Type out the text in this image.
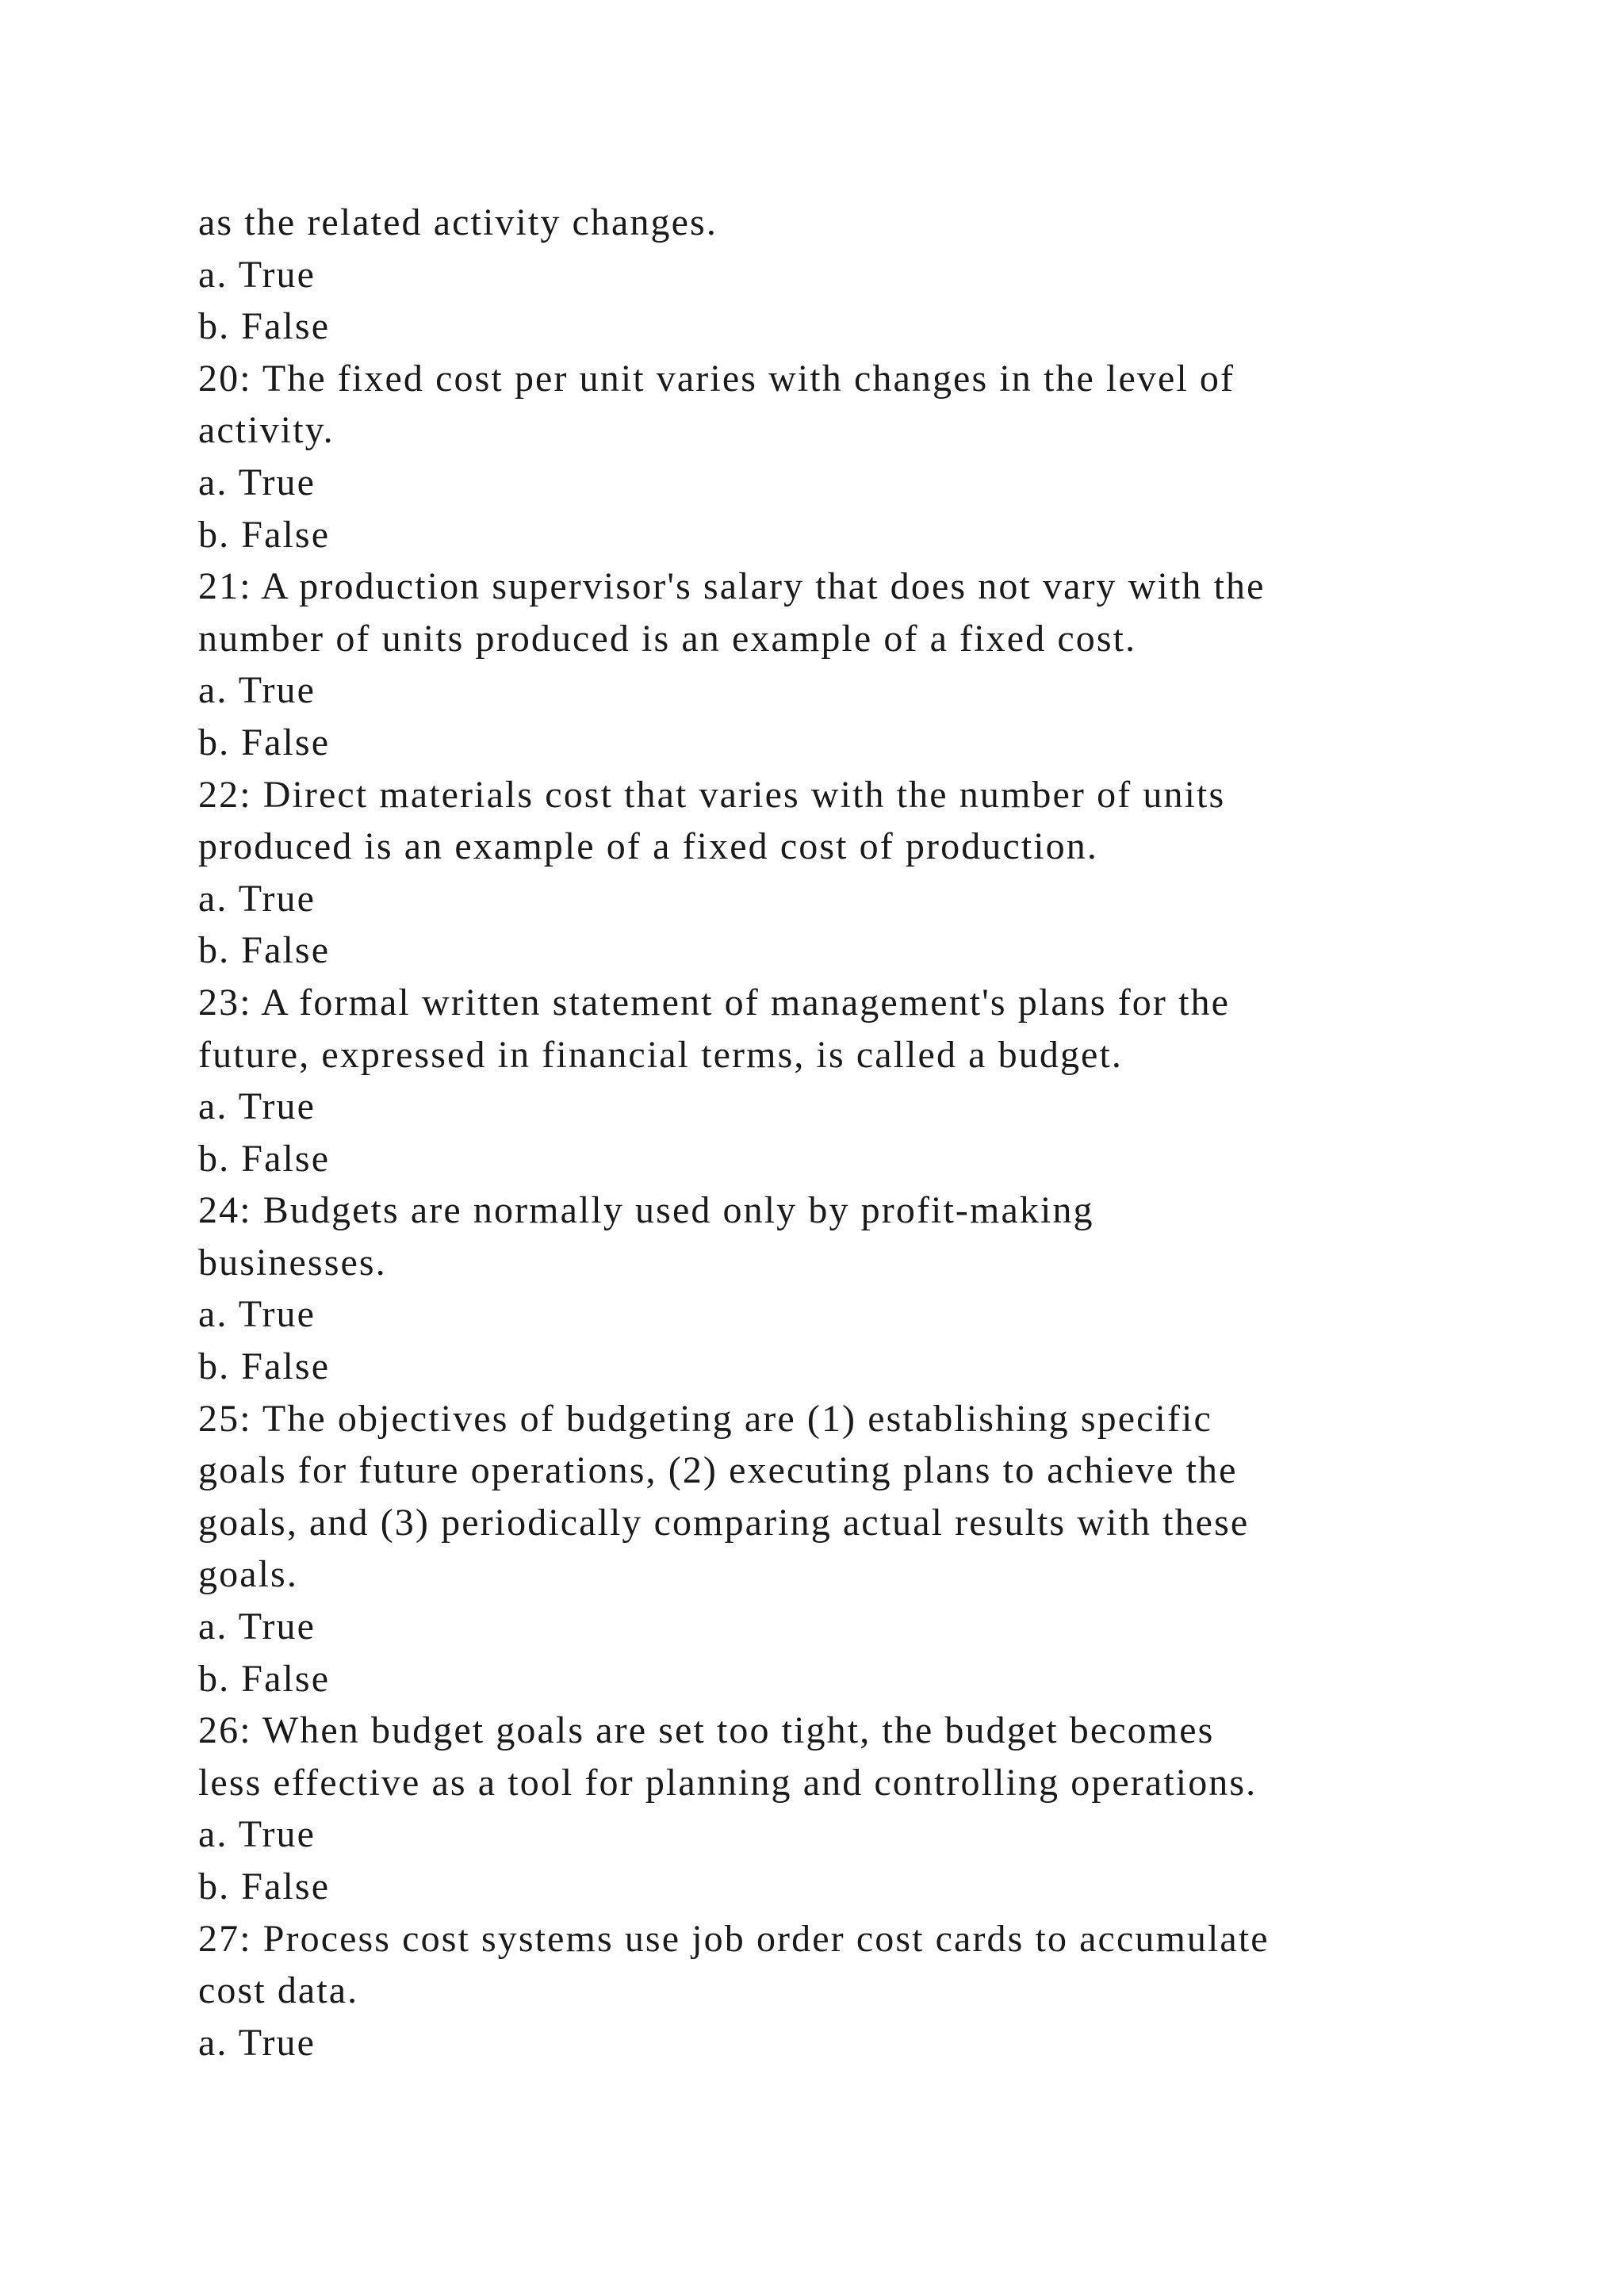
as the related activity changes.
a. True
b. False
20: The fixed cost per unit varies with changes in the level of
activity.
a. True
b. False
21: A production supervisor's salary that does not vary with the
number of units produced is an example of a fixed cost.
a. True
b. False
22: Direct materials cost that varies with the number of units
produced is an example of a fixed cost of production.
a. True
b. False
23: A formal written statement of management's plans for the
future, expressed in financial terms, is called a budget.
a. True
b. False
24: Budgets are normally used only by profit-making
businesses.
a. True
b. False
25: The objectives of budgeting are (1) establishing specific
goals for future operations, (2) executing plans to achieve the
goals, and (3) periodically comparing actual results with these
goals.
a. True
b. False
26: When budget goals are set too tight, the budget becomes
less effective as a tool for planning and controlling operations.
a. True
b. False
27: Process cost systems use job order cost cards to accumulate
cost data.
a. True
